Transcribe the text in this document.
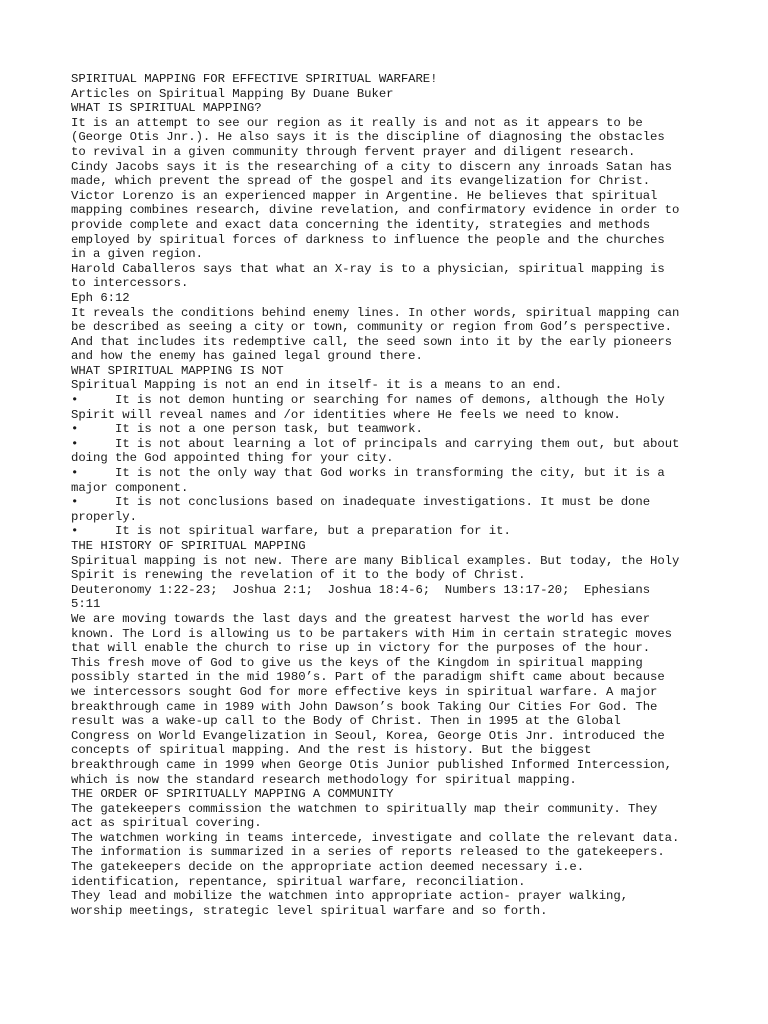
SPIRITUAL MAPPING FOR EFFECTIVE SPIRITUAL WARFARE!

Articles on Spiritual Mapping By Duane Buker

WHAT IS SPIRITUAL MAPPING?

It is an attempt to see our region as it really is and not as it appears to be

(George Otis Jnr.). He also says it is the discipline of diagnosing the obstacles

to revival in a given community through fervent prayer and diligent research.

Cindy Jacobs says it is the researching of a city to discern any inroads Satan has

made, which prevent the spread of the gospel and its evangelization for Christ.

Victor Lorenzo is an experienced mapper in Argentine. He believes that spiritual

mapping combines research, divine revelation, and confirmatory evidence in order to

provide complete and exact data concerning the identity, strategies and methods

employed by spiritual forces of darkness to influence the people and the churches

in a given region.

Harold Caballeros says that what an X-ray is to a physician, spiritual mapping is

to intercessors.

Eph 6:12

It reveals the conditions behind enemy lines. In other words, spiritual mapping can

be described as seeing a city or town, community or region from God’s perspective.

And that includes its redemptive call, the seed sown into it by the early pioneers

and how the enemy has gained legal ground there.

WHAT SPIRITUAL MAPPING IS NOT

Spiritual Mapping is not an end in itself- it is a means to an end.

•	It is not demon hunting or searching for names of demons, although the Holy

Spirit will reveal names and /or identities where He feels we need to know.

•	It is not a one person task, but teamwork.
•	It is not about learning a lot of principals and carrying them out, but about

doing the God appointed thing for your city.

•	It is not the only way that God works in transforming the city, but it is a

major component.

•	It is not conclusions based on inadequate investigations. It must be done

properly.

•	It is not spiritual warfare, but a preparation for it.

THE HISTORY OF SPIRITUAL MAPPING

Spiritual mapping is not new. There are many Biblical examples. But today, the Holy

Spirit is renewing the revelation of it to the body of Christ.

Deuteronomy 1:22-23;  Joshua 2:1;  Joshua 18:4-6;  Numbers 13:17-20;  Ephesians

5:11

We are moving towards the last days and the greatest harvest the world has ever

known. The Lord is allowing us to be partakers with Him in certain strategic moves

that will enable the church to rise up in victory for the purposes of the hour.

This fresh move of God to give us the keys of the Kingdom in spiritual mapping

possibly started in the mid 1980’s. Part of the paradigm shift came about because

we intercessors sought God for more effective keys in spiritual warfare. A major

breakthrough came in 1989 with John Dawson’s book Taking Our Cities For God. The

result was a wake-up call to the Body of Christ. Then in 1995 at the Global

Congress on World Evangelization in Seoul, Korea, George Otis Jnr. introduced the

concepts of spiritual mapping. And the rest is history. But the biggest

breakthrough came in 1999 when George Otis Junior published Informed Intercession,

which is now the standard research methodology for spiritual mapping.

THE ORDER OF SPIRITUALLY MAPPING A COMMUNITY

The gatekeepers commission the watchmen to spiritually map their community. They

act as spiritual covering.

The watchmen working in teams intercede, investigate and collate the relevant data.

The information is summarized in a series of reports released to the gatekeepers.

The gatekeepers decide on the appropriate action deemed necessary i.e.

identification, repentance, spiritual warfare, reconciliation.

They lead and mobilize the watchmen into appropriate action- prayer walking,

worship meetings, strategic level spiritual warfare and so forth.
